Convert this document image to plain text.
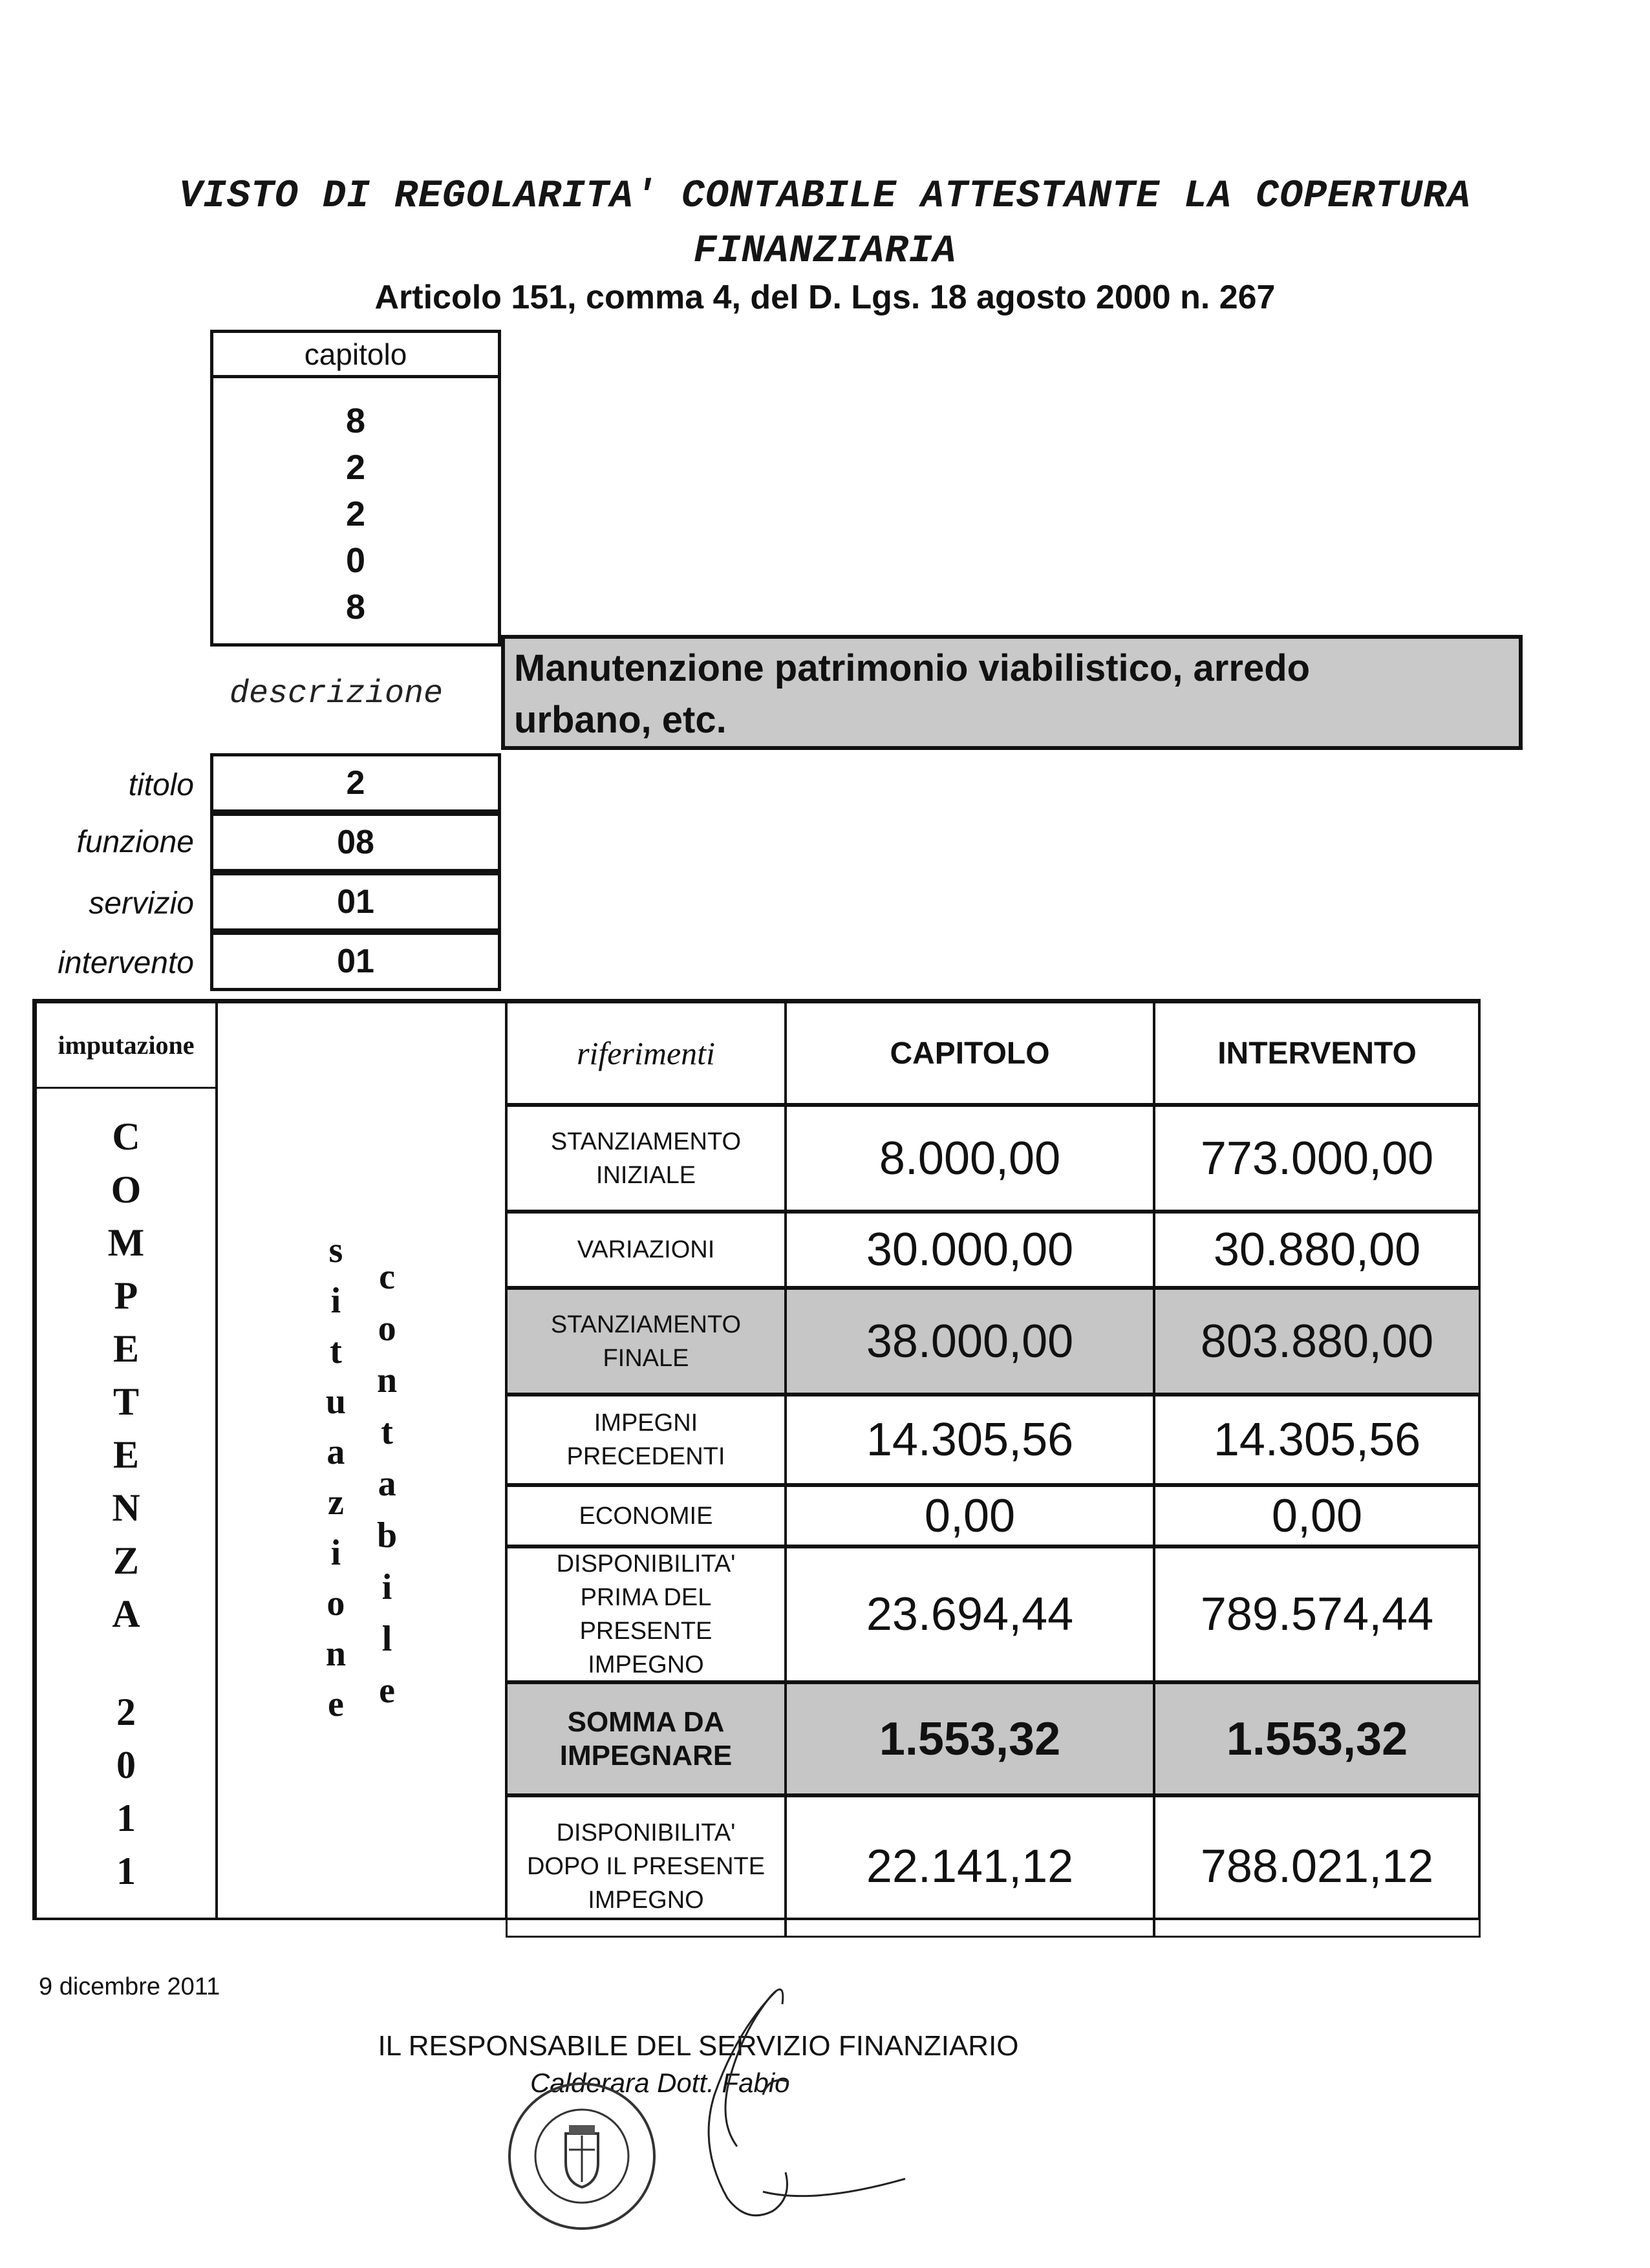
VISTO DI REGOLARITA' CONTABILE ATTESTANTE LA COPERTURA
FINANZIARIA
Articolo 151, comma 4, del D. Lgs. 18 agosto 2000 n. 267
capitolo
8
2
2
0
8
descrizione
Manutenzione patrimonio viabilistico, arredo
urbano, etc.
titolo	2
funzione	08
servizio	01
intervento	01
imputazione
C
O
M
P
E
T
E
N
Z
A
2
0
1
1
s
i
t
u
a
z
i
o
n
e
c
o
n
t
a
b
i
l
e
riferimenti	CAPITOLO	INTERVENTO
STANZIAMENTO
INIZIALE	8.000,00	773.000,00
VARIAZIONI	30.000,00	30.880,00
STANZIAMENTO
FINALE	38.000,00	803.880,00
IMPEGNI
PRECEDENTI	14.305,56	14.305,56
ECONOMIE	0,00	0,00
DISPONIBILITA'
PRIMA DEL
PRESENTE
IMPEGNO
23.694,44	789.574,44
SOMMA DA
IMPEGNARE	1.553,32	1.553,32
DISPONIBILITA'
DOPO IL PRESENTE
IMPEGNO
22.141,12	788.021,12
9 dicembre 2011
IL RESPONSABILE DEL SERVIZIO FINANZIARIO
Calderara Dott. Fabio
